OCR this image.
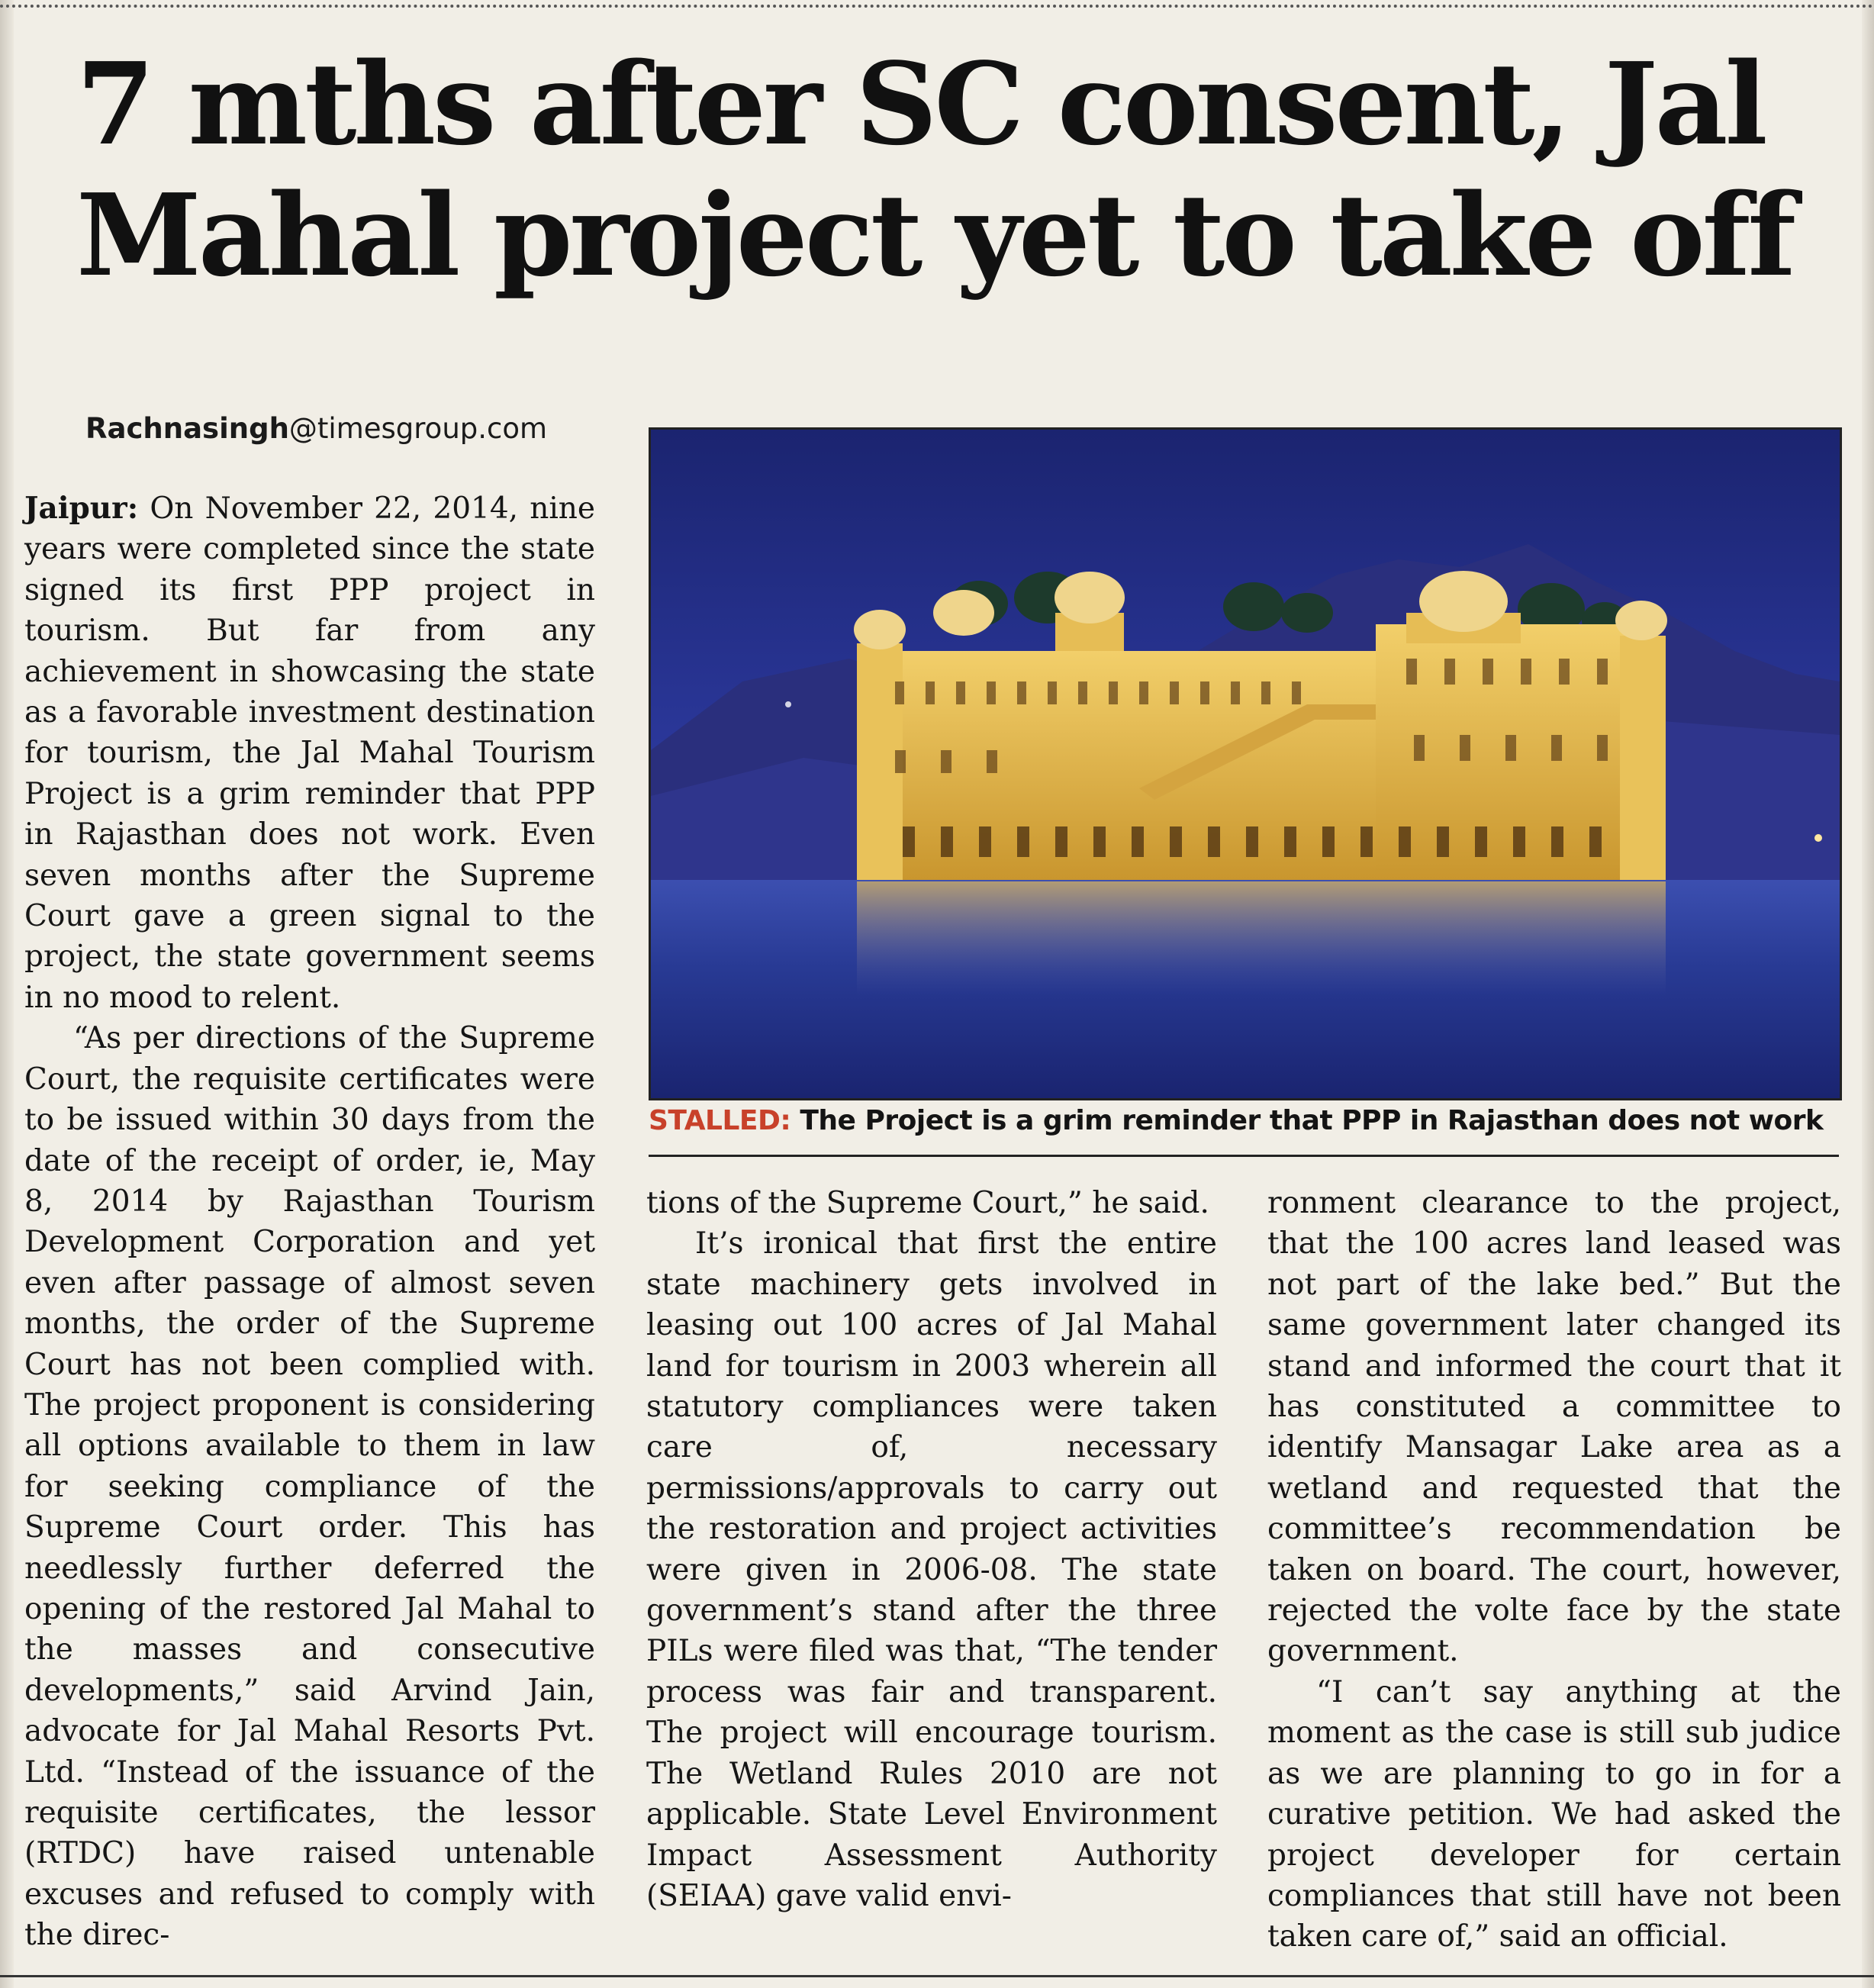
7 mths after SC consent, Jal
Mahal project yet to take off
Rachnasingh@timesgroup.com

Jaipur: On November 22, 2014, nine years were completed since the state signed its first PPP project in tourism. But far from any achievement in showcasing the state as a favorable investment destination for tourism, the Jal Mahal Tourism Project is a grim reminder that PPP in Rajasthan does not work. Even seven months after the Supreme Court gave a green signal to the project, the state government seems in no mood to relent.

“As per directions of the Supreme Court, the requisite certificates were to be issued within 30 days from the date of the receipt of order, ie, May 8, 2014 by Rajasthan Tourism Development Corporation and yet even after passage of almost seven months, the order of the Supreme Court has not been complied with. The project proponent is considering all options available to them in law for seeking compliance of the Supreme Court order. This has needlessly further deferred the opening of the restored Jal Mahal to the masses and consecutive developments,” said Arvind Jain, advocate for Jal Mahal Resorts Pvt. Ltd. “Instead of the issuance of the requisite certificates, the lessor (RTDC) have raised untenable excuses and refused to comply with the direc-

STALLED: The Project is a grim reminder that PPP in Rajasthan does not work

tions of the Supreme Court,” he said.

It’s ironical that first the entire state machinery gets involved in leasing out 100 acres of Jal Mahal land for tourism in 2003 wherein all statutory compliances were taken care of, necessary permissions/approvals to carry out the restoration and project activities were given in 2006-08. The state government’s stand after the three PILs were filed was that, “The tender process was fair and transparent. The project will encourage tourism. The Wetland Rules 2010 are not applicable. State Level Environment Impact Assessment Authority (SEIAA) gave valid envi-

ronment clearance to the project, that the 100 acres land leased was not part of the lake bed.” But the same government later changed its stand and informed the court that it has constituted a committee to identify Mansagar Lake area as a wetland and requested that the committee’s recommendation be taken on board. The court, however, rejected the volte face by the state government.

“I can’t say anything at the moment as the case is still sub judice as we are planning to go in for a curative petition. We had asked the project developer for certain compliances that still have not been taken care of,” said an official.
